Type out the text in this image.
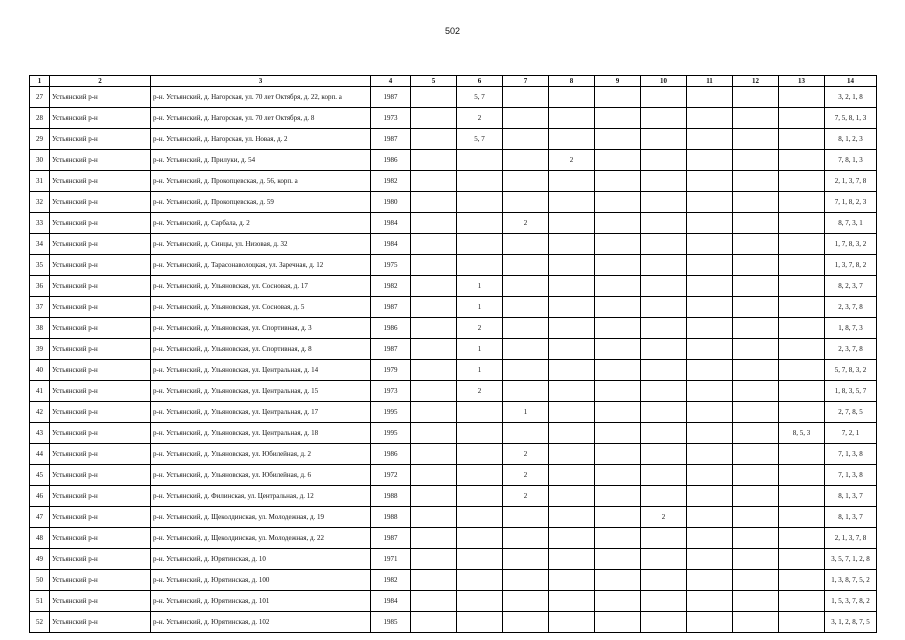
502
1	2	3	4	5	6	7	8	9	10	11	12	13	14
27	Устьянский р-н	р-н. Устьянский, д. Нагорская, ул. 70 лет Октября, д. 22, корп. а	1987		5, 7								3, 2, 1, 8
28	Устьянский р-н	р-н. Устьянский, д. Нагорская, ул. 70 лет Октября, д. 8	1973		2								7, 5, 8, 1, 3
29	Устьянский р-н	р-н. Устьянский, д. Нагорская, ул. Новая, д. 2	1987		5, 7								8, 1, 2, 3
30	Устьянский р-н	р-н. Устьянский, д. Прилуки, д. 54	1986				2						7, 8, 1, 3
31	Устьянский р-н	р-н. Устьянский, д. Прокопцевская, д. 56, корп. а	1982										2, 1, 3, 7, 8
32	Устьянский р-н	р-н. Устьянский, д. Прокопцевская, д. 59	1980										7, 1, 8, 2, 3
33	Устьянский р-н	р-н. Устьянский, д. Сарбала, д. 2	1984			2							8, 7, 3, 1
34	Устьянский р-н	р-н. Устьянский, д. Синцы, ул. Низовая, д. 32	1984										1, 7, 8, 3, 2
35	Устьянский р-н	р-н. Устьянский, д. Тарасонаволоцкая, ул. Заречная, д. 12	1975										1, 3, 7, 8, 2
36	Устьянский р-н	р-н. Устьянский, д. Ульяновская, ул. Сосновая, д. 17	1982		1								8, 2, 3, 7
37	Устьянский р-н	р-н. Устьянский, д. Ульяновская, ул. Сосновая, д. 5	1987		1								2, 3, 7, 8
38	Устьянский р-н	р-н. Устьянский, д. Ульяновская, ул. Спортивная, д. 3	1986		2								1, 8, 7, 3
39	Устьянский р-н	р-н. Устьянский, д. Ульяновская, ул. Спортивная, д. 8	1987		1								2, 3, 7, 8
40	Устьянский р-н	р-н. Устьянский, д. Ульяновская, ул. Центральная, д. 14	1979		1								5, 7, 8, 3, 2
41	Устьянский р-н	р-н. Устьянский, д. Ульяновская, ул. Центральная, д. 15	1973		2								1, 8, 3, 5, 7
42	Устьянский р-н	р-н. Устьянский, д. Ульяновская, ул. Центральная, д. 17	1995			1							2, 7, 8, 5
43	Устьянский р-н	р-н. Устьянский, д. Ульяновская, ул. Центральная, д. 18	1995									8, 5, 3	7, 2, 1
44	Устьянский р-н	р-н. Устьянский, д. Ульяновская, ул. Юбилейная, д. 2	1986			2							7, 1, 3, 8
45	Устьянский р-н	р-н. Устьянский, д. Ульяновская, ул. Юбилейная, д. 6	1972			2							7, 1, 3, 8
46	Устьянский р-н	р-н. Устьянский, д. Филинская, ул. Центральная, д. 12	1988			2							8, 1, 3, 7
47	Устьянский р-н	р-н. Устьянский, д. Щеколдинская, ул. Молодежная, д. 19	1988						2				8, 1, 3, 7
48	Устьянский р-н	р-н. Устьянский, д. Щеколдинская, ул. Молодежная, д. 22	1987										2, 1, 3, 7, 8
49	Устьянский р-н	р-н. Устьянский, д. Юрятинская, д. 10	1971										3, 5, 7, 1, 2, 8
50	Устьянский р-н	р-н. Устьянский, д. Юрятинская, д. 100	1982										1, 3, 8, 7, 5, 2
51	Устьянский р-н	р-н. Устьянский, д. Юрятинская, д. 101	1984										1, 5, 3, 7, 8, 2
52	Устьянский р-н	р-н. Устьянский, д. Юрятинская, д. 102	1985										3, 1, 2, 8, 7, 5
